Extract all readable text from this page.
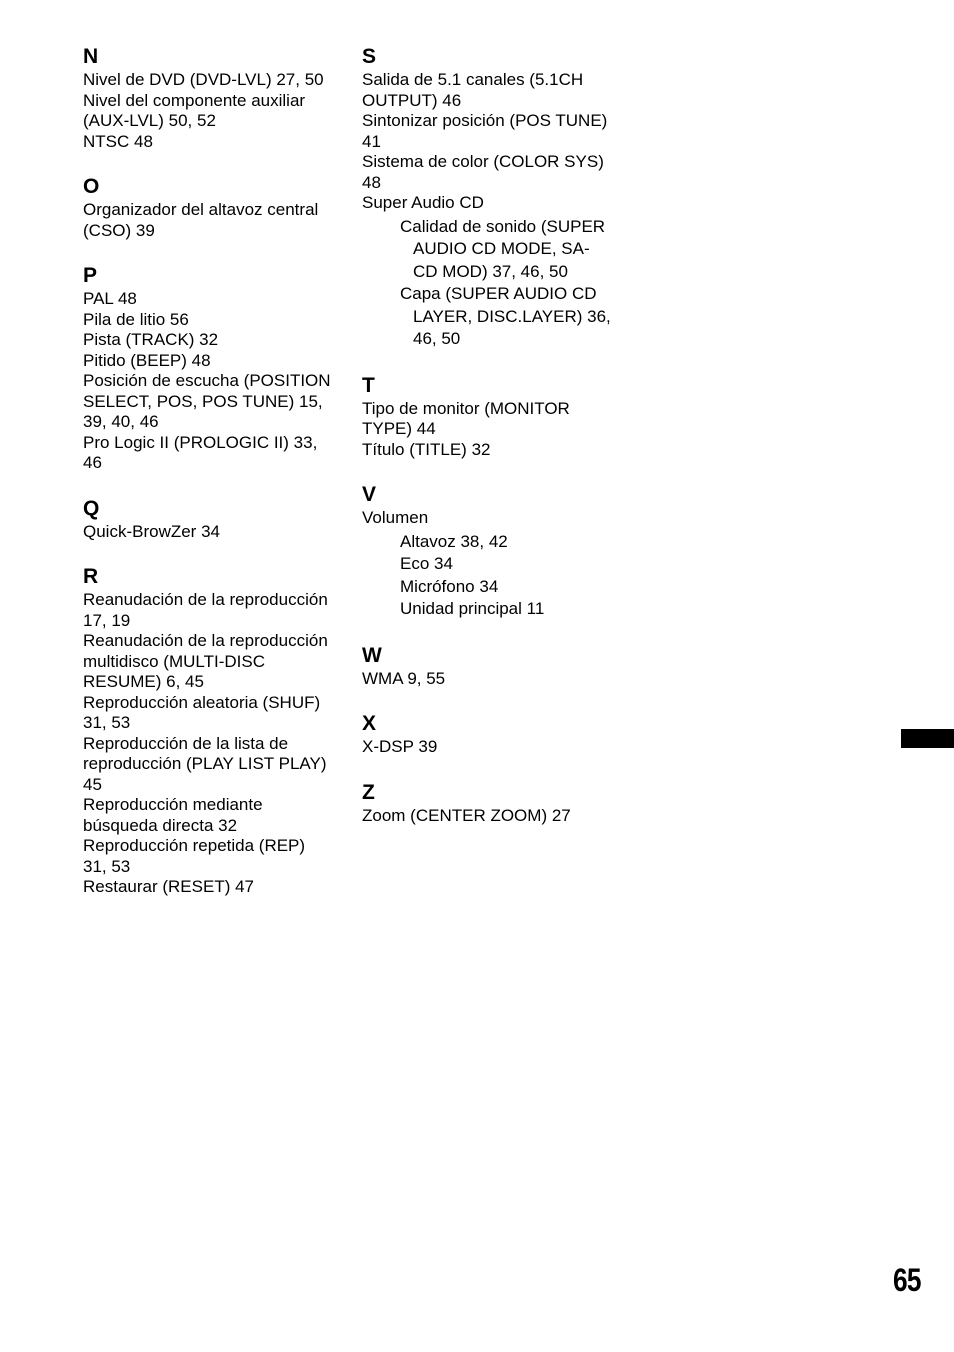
N
Nivel de DVD (DVD-LVL) 27, 50
Nivel del componente auxiliar (AUX-LVL) 50, 52
NTSC 48
O
Organizador del altavoz central (CSO) 39
P
PAL 48
Pila de litio 56
Pista (TRACK) 32
Pitido (BEEP) 48
Posición de escucha (POSITION SELECT, POS, POS TUNE) 15, 39, 40, 46
Pro Logic II (PROLOGIC II) 33, 46
Q
Quick-BrowZer 34
R
Reanudación de la reproducción 17, 19
Reanudación de la reproducción multidisco (MULTI-DISC RESUME) 6, 45
Reproducción aleatoria (SHUF) 31, 53
Reproducción de la lista de reproducción (PLAY LIST PLAY) 45
Reproducción mediante búsqueda directa 32
Reproducción repetida (REP) 31, 53
Restaurar (RESET) 47
S
Salida de 5.1 canales (5.1CH OUTPUT) 46
Sintonizar posición (POS TUNE) 41
Sistema de color (COLOR SYS) 48
Super Audio CD
Calidad de sonido (SUPER AUDIO CD MODE, SA-CD MOD) 37, 46, 50
Capa (SUPER AUDIO CD LAYER, DISC.LAYER) 36, 46, 50
T
Tipo de monitor (MONITOR TYPE) 44
Título (TITLE) 32
V
Volumen
Altavoz 38, 42
Eco 34
Micrófono 34
Unidad principal 11
W
WMA 9, 55
X
X-DSP 39
Z
Zoom (CENTER ZOOM) 27
65
